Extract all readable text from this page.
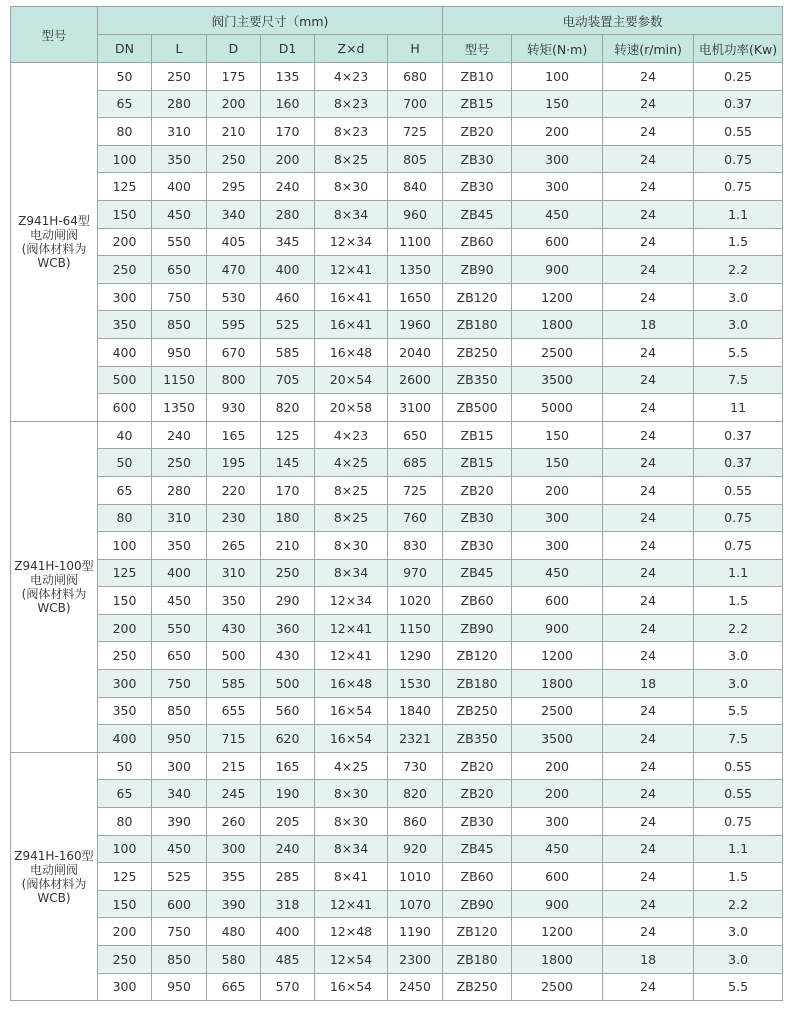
型号	阀门主要尺寸（mm)						电动装置主要参数			
	DN	L	D	D1	Z×d	H	型号	转矩(N·m)	转速(r/min)	电机功率(Kw)

Z941H-64型
电动闸阀
(阀体材料为
WCB)	50	250	175	135	4×23	680	ZB10	100	24	0.25
	65	280	200	160	8×23	700	ZB15	150	24	0.37
	80	310	210	170	8×23	725	ZB20	200	24	0.55
	100	350	250	200	8×25	805	ZB30	300	24	0.75
	125	400	295	240	8×30	840	ZB30	300	24	0.75
	150	450	340	280	8×34	960	ZB45	450	24	1.1
	200	550	405	345	12×34	1100	ZB60	600	24	1.5
	250	650	470	400	12×41	1350	ZB90	900	24	2.2
	300	750	530	460	16×41	1650	ZB120	1200	24	3.0
	350	850	595	525	16×41	1960	ZB180	1800	18	3.0
	400	950	670	585	16×48	2040	ZB250	2500	24	5.5
	500	1150	800	705	20×54	2600	ZB350	3500	24	7.5
	600	1350	930	820	20×58	3100	ZB500	5000	24	11

Z941H-100型
电动闸阀
(阀体材料为
WCB)	40	240	165	125	4×23	650	ZB15	150	24	0.37
	50	250	195	145	4×25	685	ZB15	150	24	0.37
	65	280	220	170	8×25	725	ZB20	200	24	0.55
	80	310	230	180	8×25	760	ZB30	300	24	0.75
	100	350	265	210	8×30	830	ZB30	300	24	0.75
	125	400	310	250	8×34	970	ZB45	450	24	1.1
	150	450	350	290	12×34	1020	ZB60	600	24	1.5
	200	550	430	360	12×41	1150	ZB90	900	24	2.2
	250	650	500	430	12×41	1290	ZB120	1200	24	3.0
	300	750	585	500	16×48	1530	ZB180	1800	18	3.0
	350	850	655	560	16×54	1840	ZB250	2500	24	5.5
	400	950	715	620	16×54	2321	ZB350	3500	24	7.5

Z941H-160型
电动闸阀
(阀体材料为
WCB)	50	300	215	165	4×25	730	ZB20	200	24	0.55
	65	340	245	190	8×30	820	ZB20	200	24	0.55
	80	390	260	205	8×30	860	ZB30	300	24	0.75
	100	450	300	240	8×34	920	ZB45	450	24	1.1
	125	525	355	285	8×41	1010	ZB60	600	24	1.5
	150	600	390	318	12×41	1070	ZB90	900	24	2.2
	200	750	480	400	12×48	1190	ZB120	1200	24	3.0
	250	850	580	485	12×54	2300	ZB180	1800	18	3.0
	300	950	665	570	16×54	2450	ZB250	2500	24	5.5
